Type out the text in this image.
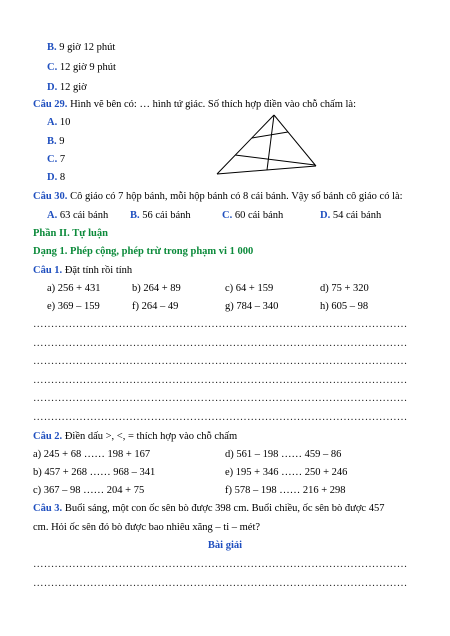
B. 9 giờ 12 phút
C. 12 giờ 9 phút
D. 12 giờ
Câu 29. Hình vẽ bên có: … hình tứ giác. Số thích hợp điền vào chỗ chấm là:
A. 10
B. 9
C. 7
D. 8
Câu 30. Cô giáo có 7 hộp bánh, mỗi hộp bánh có 8 cái bánh. Vậy số bánh cô giáo có là:
A. 63 cái bánh B. 56 cái bánh	C. 60 cái bánh	D. 54 cái bánh
Phần II. Tự luận
Dạng 1. Phép cộng, phép trừ trong phạm vi 1 000
Câu 1. Đặt tính rồi tính
a) 256 + 431	b) 264 + 89	c) 64 + 159	d) 75 + 320
e) 369 – 159	f) 264 – 49	g) 784 – 340	h) 605 – 98
……………………………………………………………………………………………
……………………………………………………………………………………………
……………………………………………………………………………………………
……………………………………………………………………………………………
……………………………………………………………………………………………
……………………………………………………………………………………………
Câu 2. Điền dấu >, <, = thích hợp vào chỗ chấm
a) 245 + 68 …… 198 + 167	d) 561 – 198 …… 459 – 86
b) 457 + 268 …… 968 – 341	e) 195 + 346 …… 250 + 246
c) 367 – 98 …… 204 + 75	f) 578 – 198 …… 216 + 298
Câu 3. Buổi sáng, một con ốc sên bò được 398 cm. Buổi chiều, ốc sên bò được 457
cm. Hỏi ốc sên đó bò được bao nhiêu xăng – ti – mét?
Bài giải
……………………………………………………………………………………………
……………………………………………………………………………………………
